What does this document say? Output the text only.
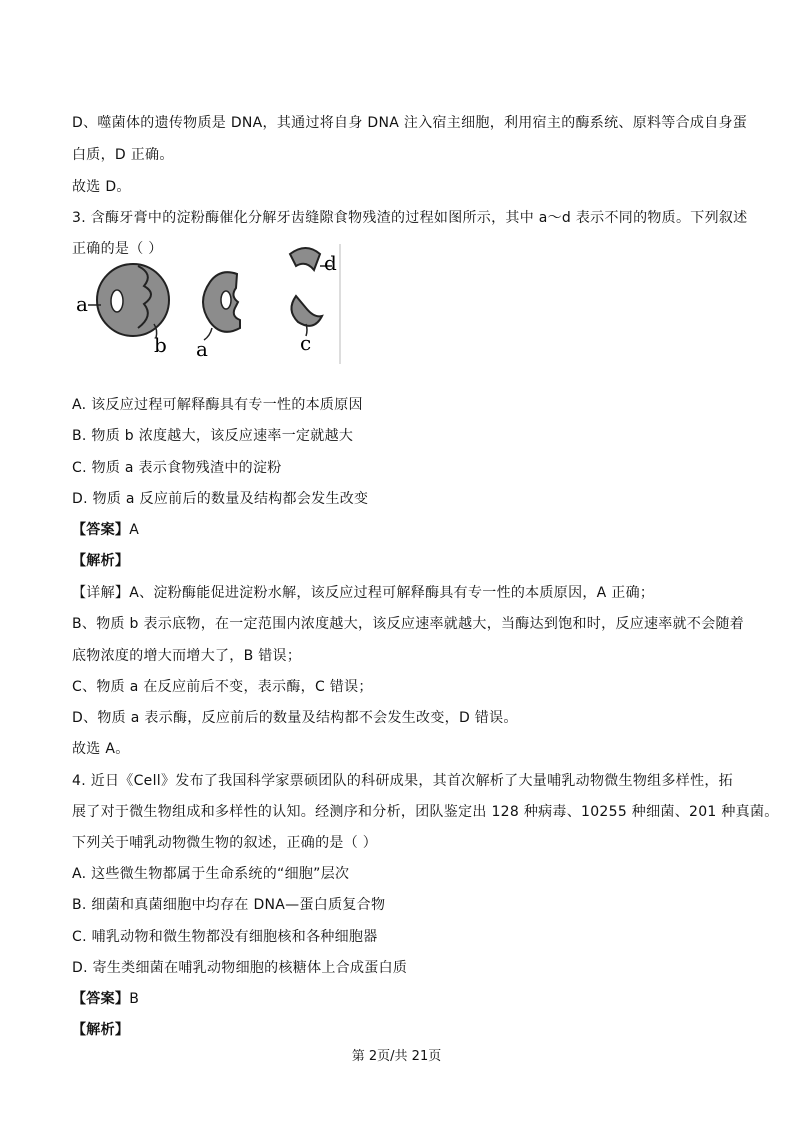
D、噬菌体的遗传物质是 DNA，其通过将自身 DNA 注入宿主细胞，利用宿主的酶系统、原料等合成自身蛋
白质，D 正确。
故选 D。
3. 含酶牙膏中的淀粉酶催化分解牙齿缝隙食物残渣的过程如图所示，其中 a～d 表示不同的物质。下列叙述
正确的是（ ）
a
b a	c
d
A. 该反应过程可解释酶具有专一性的本质原因
B. 物质 b 浓度越大，该反应速率一定就越大
C. 物质 a 表示食物残渣中的淀粉
D. 物质 a 反应前后的数量及结构都会发生改变
【答案】A
【解析】
【详解】A、淀粉酶能促进淀粉水解，该反应过程可解释酶具有专一性的本质原因，A 正确；
B、物质 b 表示底物，在一定范围内浓度越大，该反应速率就越大，当酶达到饱和时，反应速率就不会随着
底物浓度的增大而增大了，B 错误；
C、物质 a 在反应前后不变，表示酶，C 错误；
D、物质 a 表示酶，反应前后的数量及结构都不会发生改变，D 错误。
故选 A。
4. 近日《Cell》发布了我国科学家票硕团队的科研成果，其首次解析了大量哺乳动物微生物组多样性，拓
展了对于微生物组成和多样性的认知。经测序和分析，团队鉴定出 128 种病毒、10255 种细菌、201 种真菌。
下列关于哺乳动物微生物的叙述，正确的是（ ）
A. 这些微生物都属于生命系统的“细胞”层次
B. 细菌和真菌细胞中均存在 DNA—蛋白质复合物
C. 哺乳动物和微生物都没有细胞核和各种细胞器
D. 寄生类细菌在哺乳动物细胞的核糖体上合成蛋白质
【答案】B
【解析】
第 2页/共 21页
